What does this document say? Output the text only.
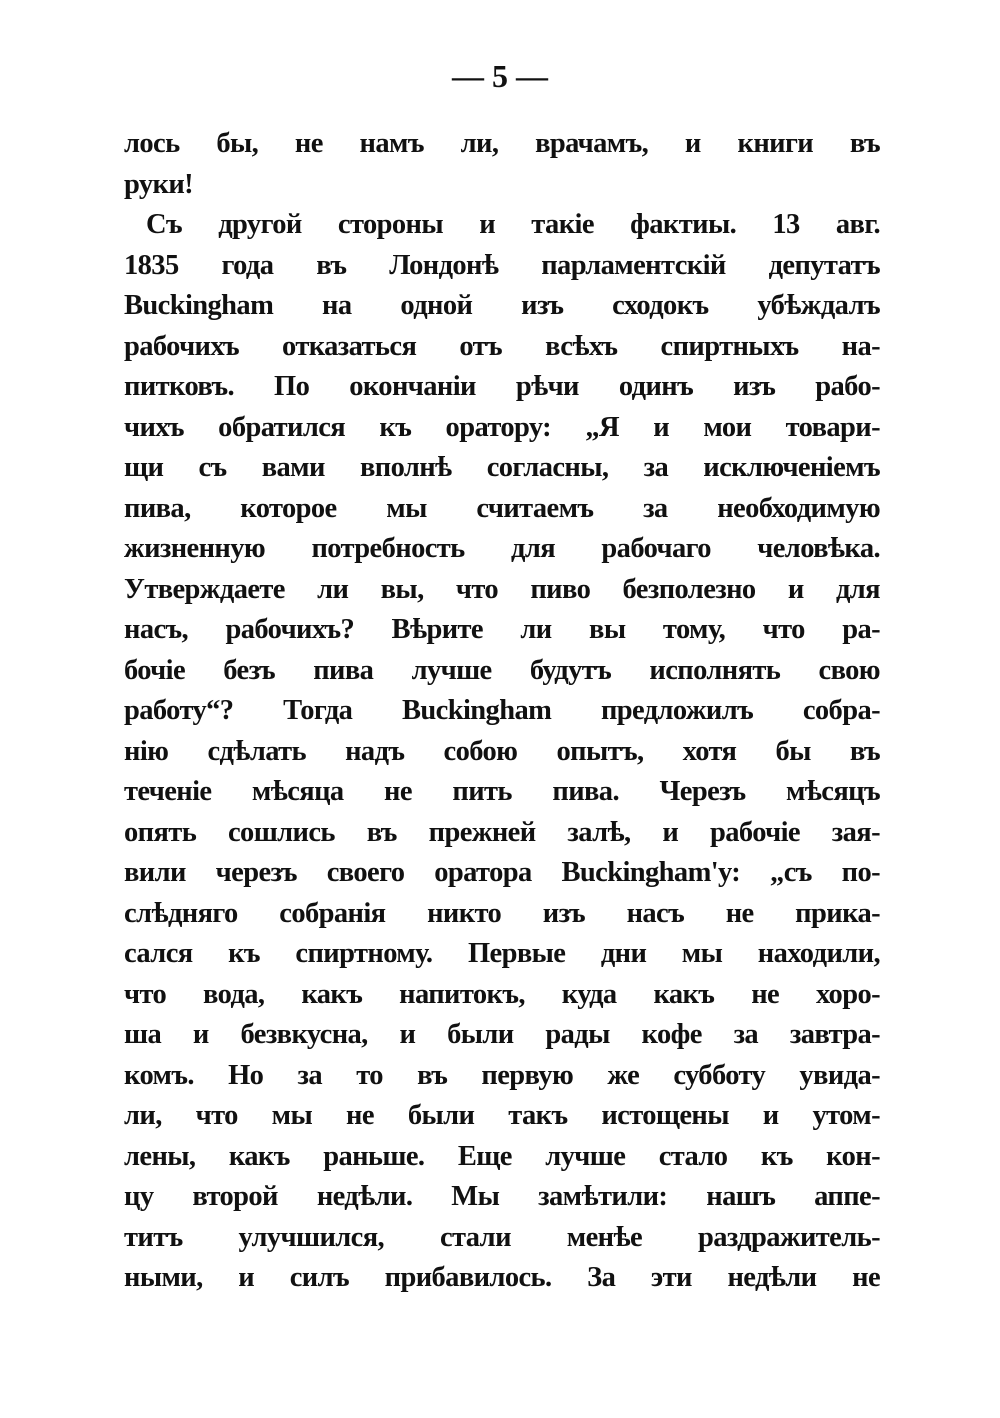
— 5 —
лось бы, не намъ ли, врачамъ, и книги въ
руки!
Съ другой стороны и такіе фактиы. 13 авг.
1835 года въ Лондонѣ парламентскій депутатъ
Buckingham на одной изъ сходокъ убѣждалъ
рабочихъ отказаться отъ всѣхъ спиртныхъ на-
питковъ. По окончаніи рѣчи одинъ изъ рабо-
чихъ обратился къ оратору: „Я и мои товари-
щи съ вами вполнѣ согласны, за исключеніемъ
пива, которое мы считаемъ за необходимую
жизненную потребность для рабочаго человѣка.
Утверждаете ли вы, что пиво безполезно и для
насъ, рабочихъ? Вѣрите ли вы тому, что ра-
бочіе безъ пива лучше будутъ исполнять свою
работу“? Тогда Buckingham предложилъ собра-
нію сдѣлать надъ собою опытъ, хотя бы въ
теченіе мѣсяца не пить пива. Черезъ мѣсяцъ
опять сошлись въ прежней залѣ, и рабочіе зая-
вили черезъ своего оратора Buckingham'у: „съ по-
слѣдняго собранія никто изъ насъ не прика-
сался къ спиртному. Первые дни мы находили,
что вода, какъ напитокъ, куда какъ не хоро-
ша и безвкусна, и были рады кофе за завтра-
комъ. Но за то въ первую же субботу увида-
ли, что мы не были такъ истощены и утом-
лены, какъ раньше. Еще лучше стало къ кон-
цу второй недѣли. Мы замѣтили: нашъ аппе-
титъ улучшился, стали менѣе раздражитель-
ными, и силъ прибавилось. За эти недѣли не
